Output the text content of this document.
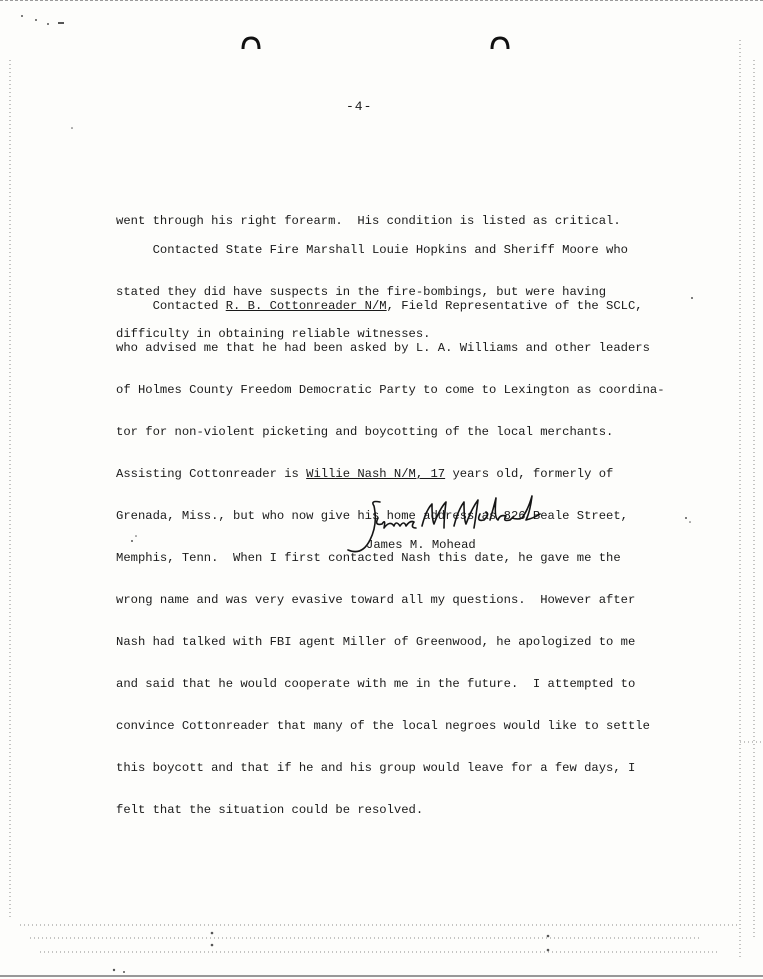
-4-

went through his right forearm.  His condition is listed as critical.

Contacted State Fire Marshall Louie Hopkins and Sheriff Moore who

stated they did have suspects in the fire-bombings, but were having

difficulty in obtaining reliable witnesses.

Contacted R. B. Cottonreader N/M, Field Representative of the SCLC,

who advised me that he had been asked by L. A. Williams and other leaders

of Holmes County Freedom Democratic Party to come to Lexington as coordina-

tor for non-violent picketing and boycotting of the local merchants.

Assisting Cottonreader is Willie Nash N/M, 17 years old, formerly of

Grenada, Miss., but who now give his home address as 826 Beale Street,

Memphis, Tenn.  When I first contacted Nash this date, he gave me the

wrong name and was very evasive toward all my questions.  However after

Nash had talked with FBI agent Miller of Greenwood, he apologized to me

and said that he would cooperate with me in the future.  I attempted to

convince Cottonreader that many of the local negroes would like to settle

this boycott and that if he and his group would leave for a few days, I

felt that the situation could be resolved.

James M. Mohead
